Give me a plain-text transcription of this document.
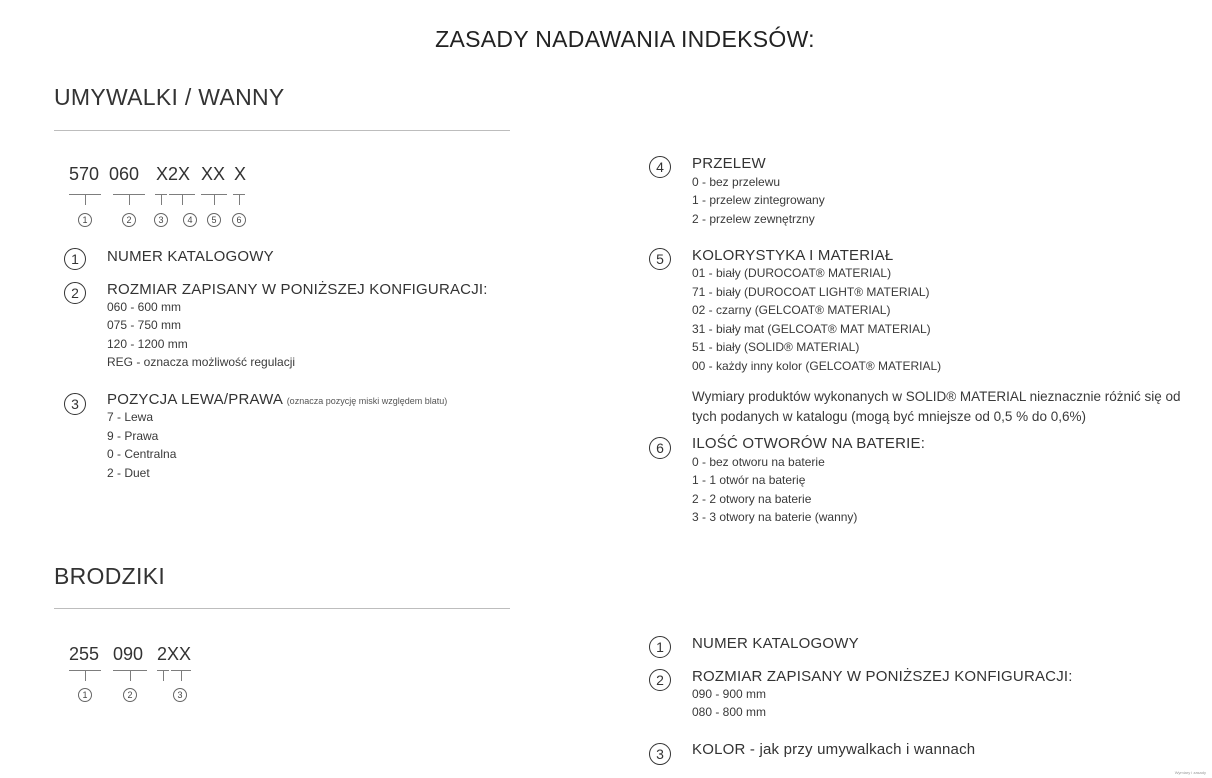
ZASADY NADAWANIA INDEKSÓW:
UMYWALKI / WANNY
570 060 X2X XX X
1	2	3	4	5	6
1	NUMER KATALOGOWY
2	ROZMIAR ZAPISANY W PONIŻSZEJ KONFIGURACJI:
060 - 600 mm
075 - 750 mm
120 - 1200 mm
REG - oznacza możliwość regulacji
3	POZYCJA LEWA/PRAWA (oznacza pozycję miski względem blatu)
7 - Lewa
9 - Prawa
0 - Centralna
2 - Duet
4	PRZELEW
0 - bez przelewu
1 - przelew zintegrowany
2 - przelew zewnętrzny
5	KOLORYSTYKA I MATERIAŁ
01 - biały (DUROCOAT® MATERIAL)
71 - biały (DUROCOAT LIGHT® MATERIAL)
02 - czarny (GELCOAT® MATERIAL)
31 - biały mat (GELCOAT® MAT MATERIAL)
51 - biały (SOLID® MATERIAL)
00 - każdy inny kolor (GELCOAT® MATERIAL)
Wymiary produktów wykonanych w SOLID® MATERIAL nieznacznie różnić się od
tych podanych w katalogu (mogą być mniejsze od 0,5 % do 0,6%)
6	ILOŚĆ OTWORÓW NA BATERIE:
0 - bez otworu na baterie
1 - 1 otwór na baterię
2 - 2 otwory na baterie
3 - 3 otwory na baterie (wanny)
BRODZIKI
255 090 2XX
1	2	3
1	NUMER KATALOGOWY
2	ROZMIAR ZAPISANY W PONIŻSZEJ KONFIGURACJI:
090 - 900 mm
080 - 800 mm
3	KOLOR - jak przy umywalkach i wannach
Wymiary i zasady
